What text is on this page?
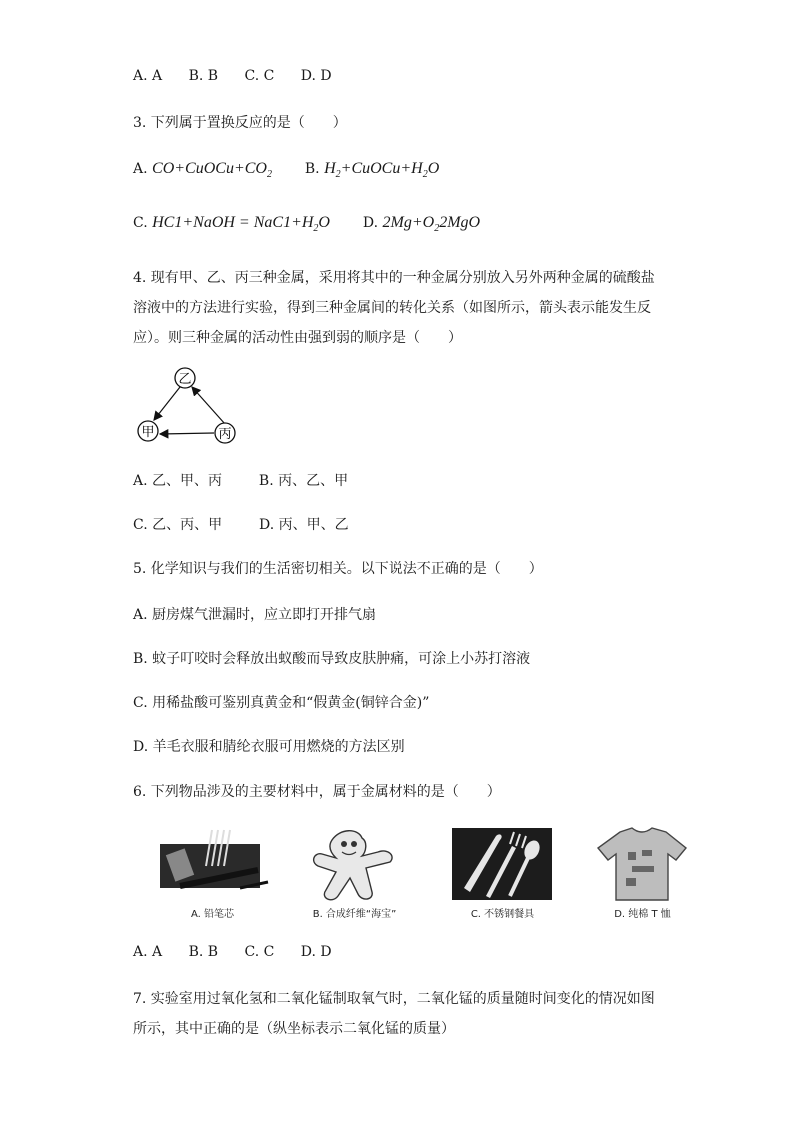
A. A B. B C. C D. D
3. 下列属于置换反应的是（　　）
A. $CO+CuOCu+CO_2$ B. $H_2+CuOCu+H_2O$
C. HC1+NaOH = $NaC1+H_2O$ D. $2Mg+O_22MgO$
4. 现有甲、乙、丙三种金属，采用将其中的一种金属分别放入另外两种金属的硫酸盐
溶液中的方法进行实验，得到三种金属间的转化关系（如图所示，箭头表示能发生反
应）。则三种金属的活动性由强到弱的顺序是（　　）
乙
甲	丙
A. 乙、甲、丙	B. 丙、乙、甲
C. 乙、丙、甲	D. 丙、甲、乙
5. 化学知识与我们的生活密切相关。以下说法不正确的是（　　）
A. 厨房煤气泄漏时，应立即打开排气扇
B. 蚊子叮咬时会释放出蚁酸而导致皮肤肿痛，可涂上小苏打溶液
C. 用稀盐酸可鉴别真黄金和“假黄金(铜锌合金)”
D. 羊毛衣服和腈纶衣服可用燃烧的方法区别
6. 下列物品涉及的主要材料中，属于金属材料的是（　　）
A. 铅笔芯	B. 合成纤维“海宝”	C. 不锈钢餐具	D. 纯棉 T 恤
A. A B. B C. C D. D
7. 实验室用过氧化氢和二氧化锰制取氧气时，二氧化锰的质量随时间变化的情况如图
所示，其中正确的是（纵坐标表示二氧化锰的质量）
